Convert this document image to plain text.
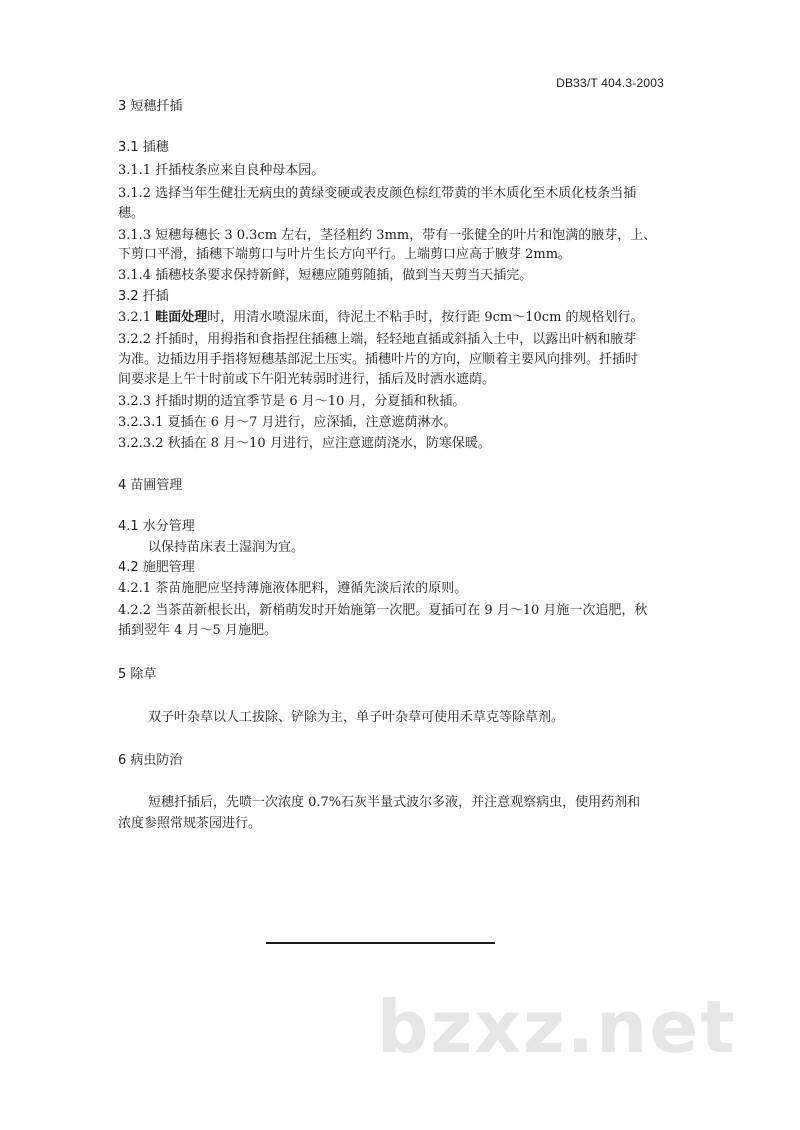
DB33/T 404.3-2003
3 短穗扦插
3.1 插穗
3.1.1 扦插枝条应来自良种母本园。
3.1.2 选择当年生健壮无病虫的黄绿变硬或表皮颜色棕红带黄的半木质化至木质化枝条当插
穗。
3.1.3 短穗每穗长 3 0.3cm 左右，茎径粗约 3mm，带有一张健全的叶片和饱满的腋芽，上、
下剪口平滑，插穗下端剪口与叶片生长方向平行。上端剪口应高于腋芽 2mm。
3.1.4 插穗枝条要求保持新鲜，短穗应随剪随插，做到当天剪当天插完。
3.2 扦插
3.2.1 畦面处理时，用清水喷湿床面，待泥土不粘手时，按行距 9cm～10cm 的规格划行。
3.2.2 扦插时，用拇指和食指捏住插穗上端，轻轻地直插或斜插入土中，以露出叶柄和腋芽
为准。边插边用手指将短穗基部泥土压实。插穗叶片的方向，应顺着主要风向排列。扦插时
间要求是上午十时前或下午阳光转弱时进行，插后及时洒水遮荫。
3.2.3 扦插时期的适宜季节是 6 月～10 月，分夏插和秋插。
3.2.3.1 夏插在 6 月～7 月进行，应深插，注意遮荫淋水。
3.2.3.2 秋插在 8 月～10 月进行，应注意遮荫浇水，防寒保暖。
4 苗圃管理
4.1 水分管理
以保持苗床表土湿润为宜。
4.2 施肥管理
4.2.1 茶苗施肥应坚持薄施液体肥料，遵循先淡后浓的原则。
4.2.2 当茶苗新根长出，新梢萌发时开始施第一次肥。夏插可在 9 月～10 月施一次追肥，秋
插到翌年 4 月～5 月施肥。
5 除草
双子叶杂草以人工拔除、铲除为主，单子叶杂草可使用禾草克等除草剂。
6 病虫防治
短穗扦插后，先喷一次浓度 0.7%石灰半量式波尔多液，并注意观察病虫，使用药剂和
浓度参照常规茶园进行。
bzxz.net
